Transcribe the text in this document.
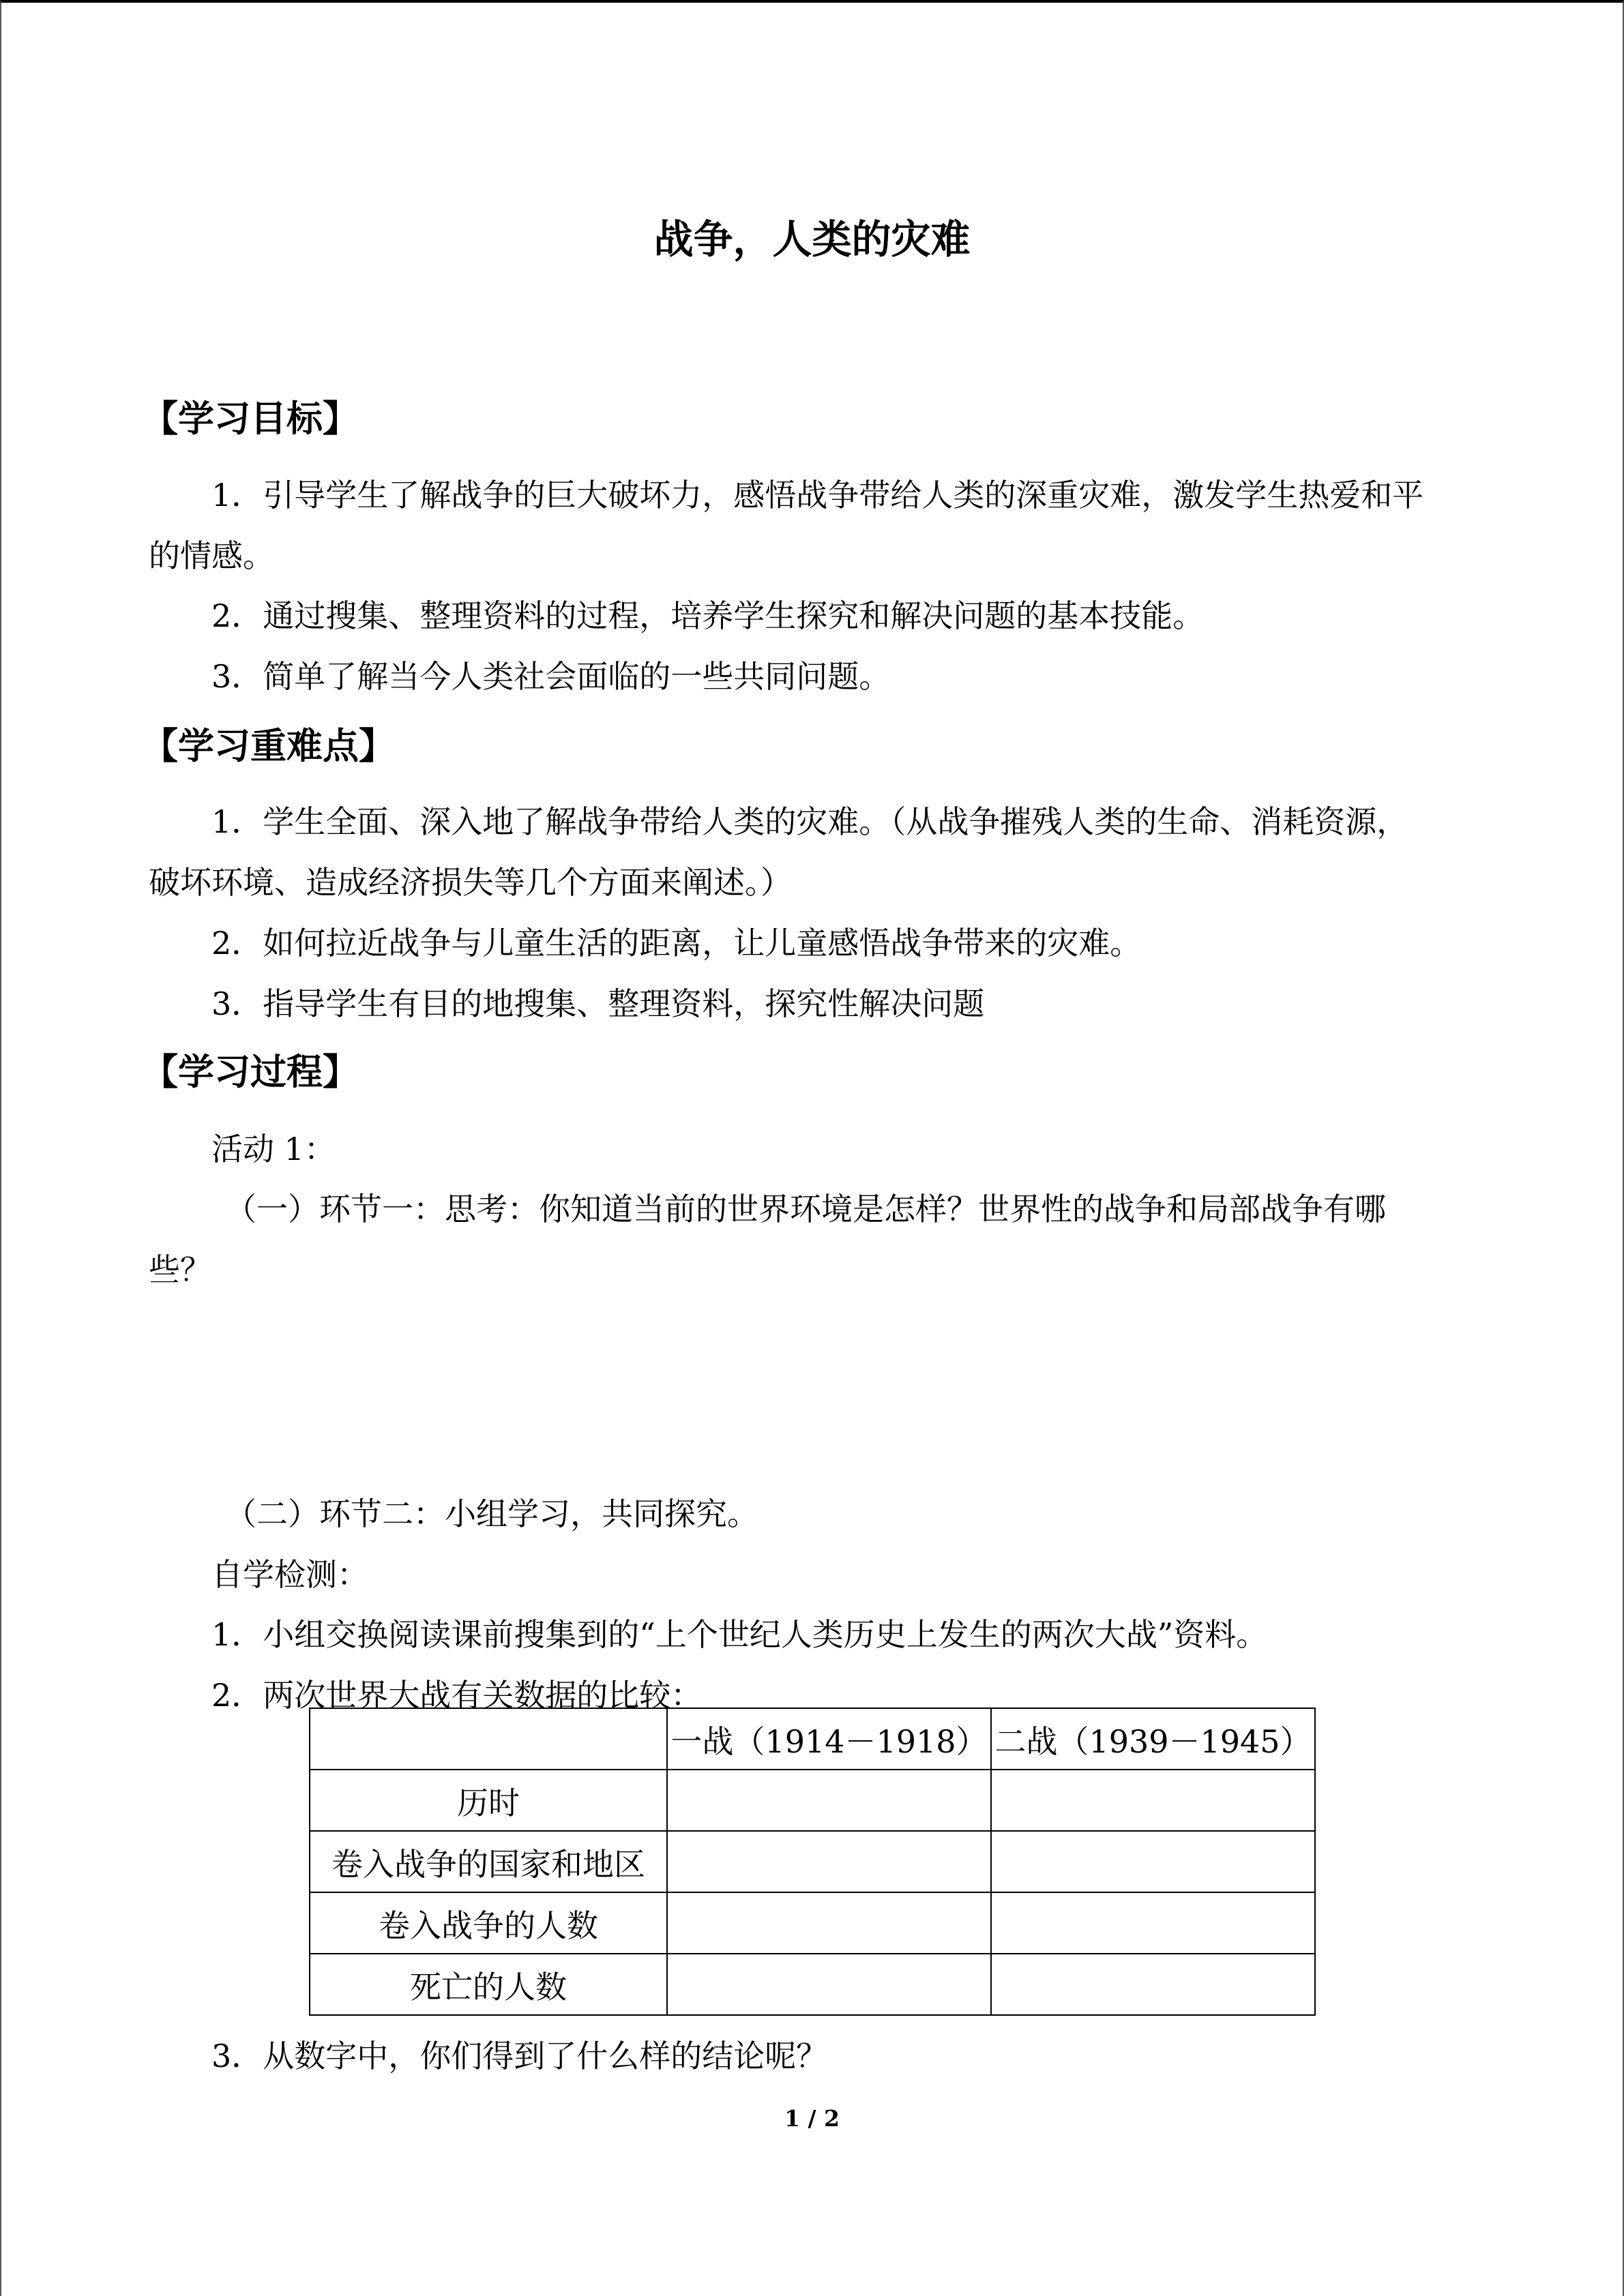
战争，人类的灾难
【学习目标】
1．引导学生了解战争的巨大破坏力，感悟战争带给人类的深重灾难，激发学生热爱和平
的情感。
2．通过搜集、整理资料的过程，培养学生探究和解决问题的基本技能。
3．简单了解当今人类社会面临的一些共同问题。
【学习重难点】
1．学生全面、深入地了解战争带给人类的灾难。（从战争摧残人类的生命、消耗资源，
破坏环境、造成经济损失等几个方面来阐述。）
2．如何拉近战争与儿童生活的距离，让儿童感悟战争带来的灾难。
3．指导学生有目的地搜集、整理资料，探究性解决问题
【学习过程】
活动 1：
（一）环节一：思考：你知道当前的世界环境是怎样？世界性的战争和局部战争有哪
些？
（二）环节二：小组学习，共同探究。
自学检测：
1．小组交换阅读课前搜集到的“上个世纪人类历史上发生的两次大战”资料。
2．两次世界大战有关数据的比较：
	一战（1914－1918）	二战（1939－1945）
历时		
卷入战争的国家和地区		
卷入战争的人数		
死亡的人数		
3．从数字中，你们得到了什么样的结论呢？
1 / 2
